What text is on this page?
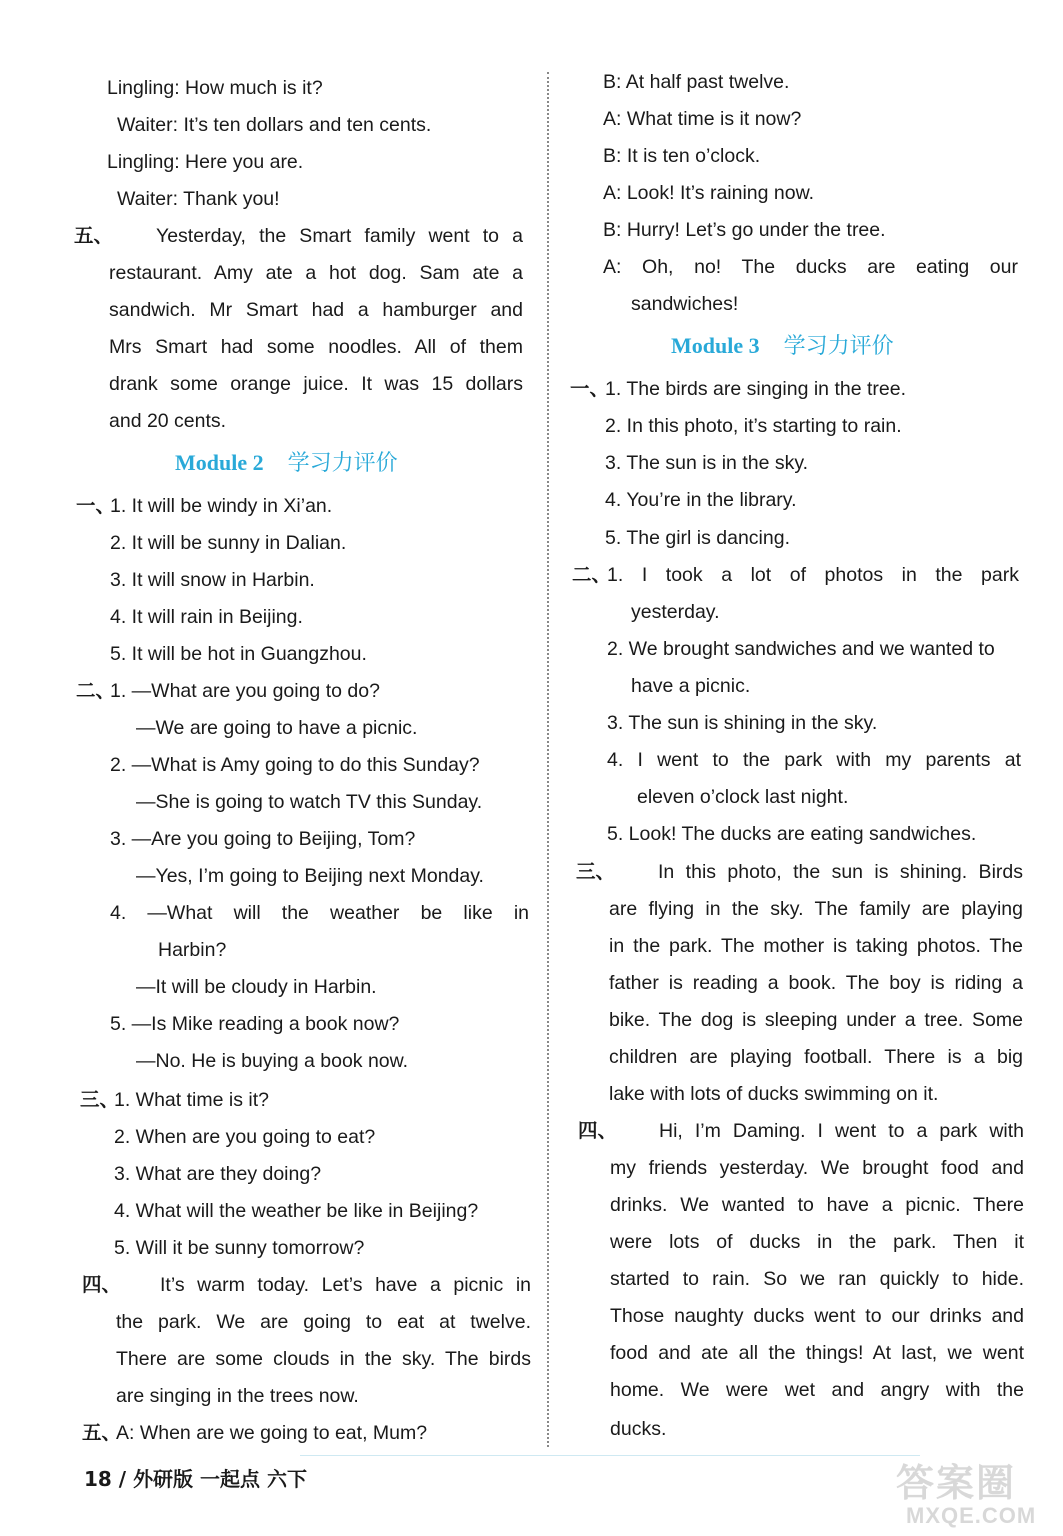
Lingling: How much is it?
Waiter: It’s ten dollars and ten cents.
Lingling: Here you are.
Waiter: Thank you!
五、 Yesterday, the Smart family went to a
restaurant. Amy ate a hot dog. Sam ate a
sandwich. Mr Smart had a hamburger and
Mrs Smart had some noodles. All of them
drank some orange juice. It was 15 dollars
and 20 cents.
Module 2 学习力评价
一、
1. It will be windy in Xi’an.
2. It will be sunny in Dalian.
3. It will snow in Harbin.
4. It will rain in Beijing.
5. It will be hot in Guangzhou.
二、
1. —What are you going to do?
—We are going to have a picnic.
2. —What is Amy going to do this Sunday?
—She is going to watch TV this Sunday.
3. —Are you going to Beijing, Tom?
—Yes, I’m going to Beijing next Monday.
4. —What will the weather be like in
Harbin?
—It will be cloudy in Harbin.
5. —Is Mike reading a book now?
—No. He is buying a book now.
三、
1. What time is it?
2. When are you going to eat?
3. What are they doing?
4. What will the weather be like in Beijing?
5. Will it be sunny tomorrow?
四、 It’s warm today. Let’s have a picnic in
the park. We are going to eat at twelve.
There are some clouds in the sky. The birds
are singing in the trees now.
五、
A: When are we going to eat, Mum?
B: At half past twelve.
A: What time is it now?
B: It is ten o’clock.
A: Look! It’s raining now.
B: Hurry! Let’s go under the tree.
A: Oh, no! The ducks are eating our
sandwiches!
Module 3 学习力评价
一、
1. The birds are singing in the tree.
2. In this photo, it’s starting to rain.
3. The sun is in the sky.
4. You’re in the library.
5. The girl is dancing.
二、
1. I took a lot of photos in the park
yesterday.
2. We brought sandwiches and we wanted to
have a picnic.
3. The sun is shining in the sky.
4. I went to the park with my parents at
eleven o’clock last night.
5. Look! The ducks are eating sandwiches.
三、 In this photo, the sun is shining. Birds
are flying in the sky. The family are playing
in the park. The mother is taking photos. The
father is reading a book. The boy is riding a
bike. The dog is sleeping under a tree. Some
children are playing football. There is a big
lake with lots of ducks swimming on it.
四、 Hi, I’m Daming. I went to a park with
my friends yesterday. We brought food and
drinks. We wanted to have a picnic. There
were lots of ducks in the park. Then it
started to rain. So we ran quickly to hide.
Those naughty ducks went to our drinks and
food and ate all the things! At last, we went
home. We were wet and angry with the
ducks.
18 / 外研版 一起点 六下	答案圈
MXQE.COM
